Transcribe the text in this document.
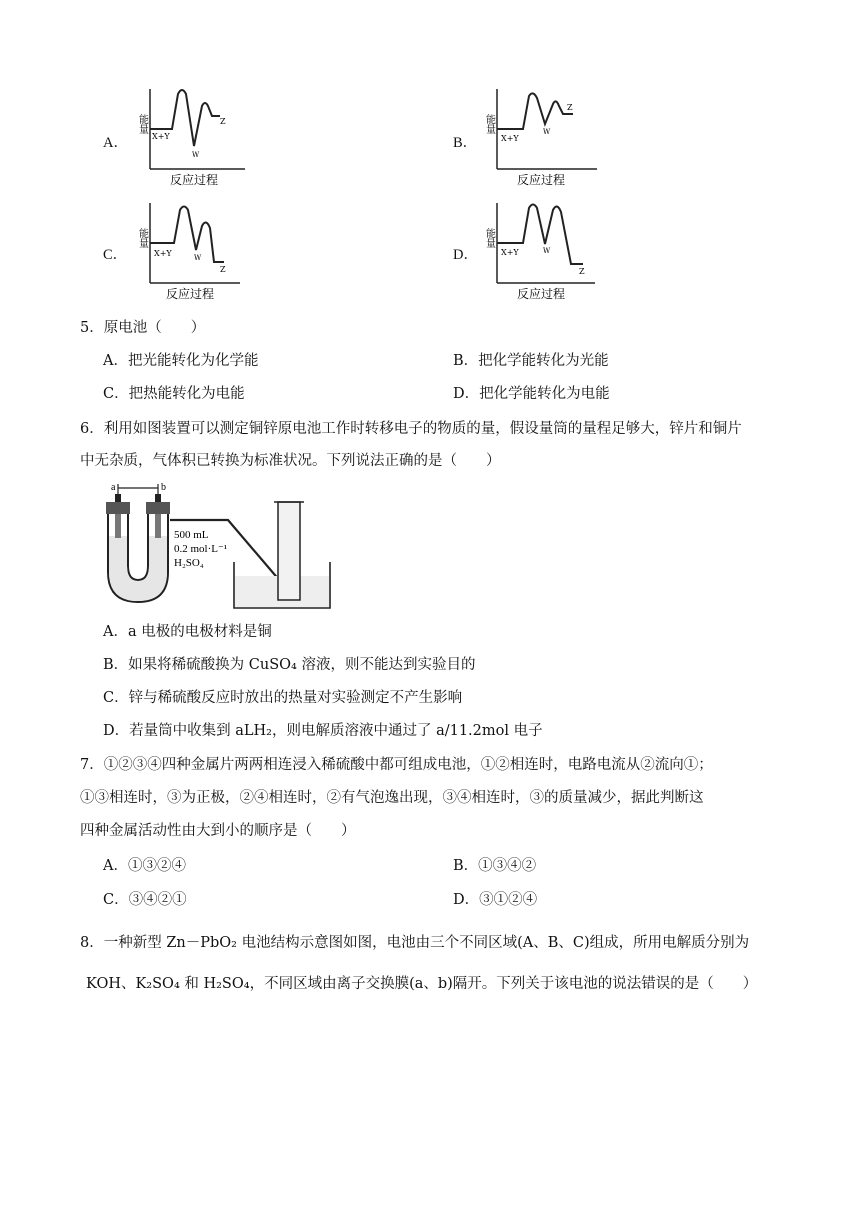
A．
能量
X+Y
W
Z
反应过程
B．
能量
X+Y
W
Z
反应过程
C．
能量
X+Y	W
Z
反应过程
D．
能量
X+Y	W
Z
反应过程
5．原电池（　　）
A．把光能转化为化学能	B．把化学能转化为光能
C．把热能转化为电能	D．把化学能转化为电能
6．利用如图装置可以测定铜锌原电池工作时转移电子的物质的量，假设量筒的量程足够大，锌片和铜片
中无杂质，气体积已转换为标准状况。下列说法正确的是（　　）
a	b
500 mL
0.2 mol·L⁻¹
H₂SO₄
A．a 电极的电极材料是铜
B．如果将稀硫酸换为 CuSO₄ 溶液，则不能达到实验目的
C．锌与稀硫酸反应时放出的热量对实验测定不产生影响
D．若量筒中收集到 aLH₂，则电解质溶液中通过了 a/11.2mol 电子
7．①②③④四种金属片两两相连浸入稀硫酸中都可组成电池，①②相连时，电路电流从②流向①；
①③相连时，③为正极，②④相连时，②有气泡逸出现，③④相连时，③的质量减少，据此判断这
四种金属活动性由大到小的顺序是（　　）
A．①③②④	B．①③④②
C．③④②①	D．③①②④
8．一种新型 Zn－PbO₂ 电池结构示意图如图，电池由三个不同区域(A、B、C)组成，所用电解质分别为
KOH、K₂SO₄ 和 H₂SO₄，不同区域由离子交换膜(a、b)隔开。下列关于该电池的说法错误的是（　　）
